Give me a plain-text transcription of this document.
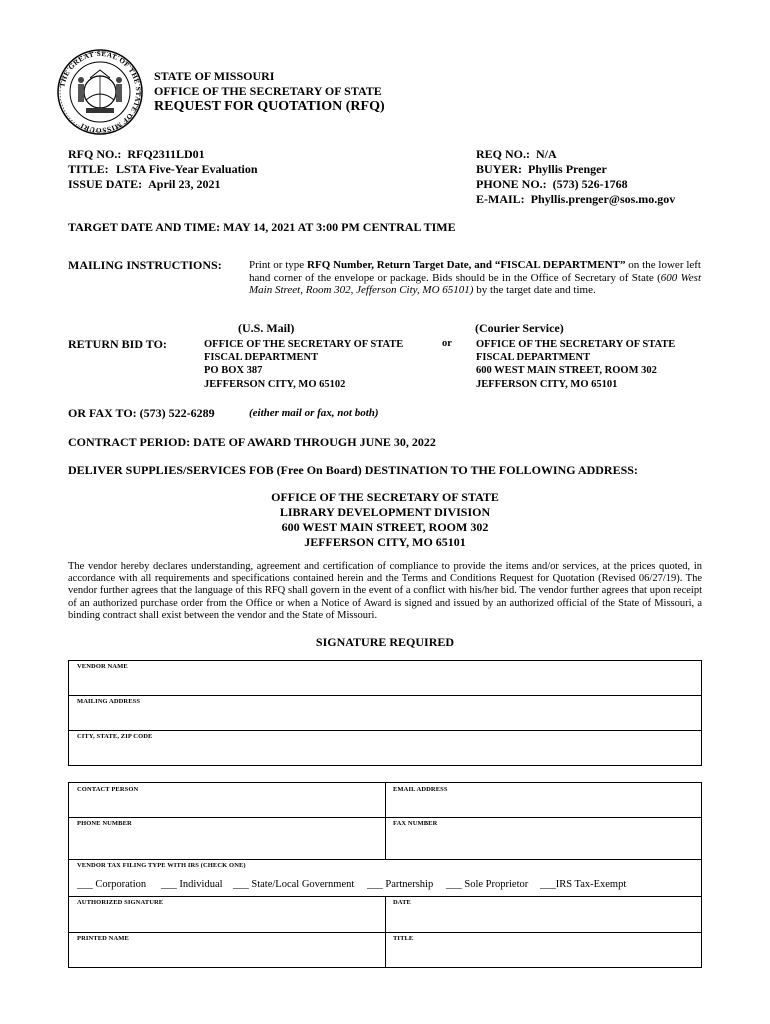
THE GREAT SEAL OF THE STATE OF MISSOURI
STATE OF MISSOURI
OFFICE OF THE SECRETARY OF STATE
REQUEST FOR QUOTATION (RFQ)
RFQ NO.: RFQ2311LD01
TITLE: LSTA Five-Year Evaluation
ISSUE DATE: April 23, 2021
REQ NO.: N/A
BUYER: Phyllis Prenger
PHONE NO.: (573) 526-1768
E-MAIL: Phyllis.prenger@sos.mo.gov
TARGET DATE AND TIME: MAY 14, 2021 AT 3:00 PM CENTRAL TIME
MAILING INSTRUCTIONS: Print or type RFQ Number, Return Target Date, and “FISCAL DEPARTMENT” on the lower left hand corner of the envelope or package. Bids should be in the Office of Secretary of State (600 West Main Street, Room 302, Jefferson City, MO 65101) by the target date and time.
(U.S. Mail)	(Courier Service)
RETURN BID TO:	OFFICE OF THE SECRETARY OF STATE
FISCAL DEPARTMENT
PO BOX 387
JEFFERSON CITY, MO 65102
or OFFICE OF THE SECRETARY OF STATE
FISCAL DEPARTMENT
600 WEST MAIN STREET, ROOM 302
JEFFERSON CITY, MO 65101
OR FAX TO: (573) 522-6289	(either mail or fax, not both)
CONTRACT PERIOD: DATE OF AWARD THROUGH JUNE 30, 2022
DELIVER SUPPLIES/SERVICES FOB (Free On Board) DESTINATION TO THE FOLLOWING ADDRESS:
OFFICE OF THE SECRETARY OF STATE
LIBRARY DEVELOPMENT DIVISION
600 WEST MAIN STREET, ROOM 302
JEFFERSON CITY, MO 65101
The vendor hereby declares understanding, agreement and certification of compliance to provide the items and/or services, at the prices quoted, in accordance with all requirements and specifications contained herein and the Terms and Conditions Request for Quotation (Revised 06/27/19). The vendor further agrees that the language of this RFQ shall govern in the event of a conflict with his/her bid. The vendor further agrees that upon receipt of an authorized purchase order from the Office or when a Notice of Award is signed and issued by an authorized official of the State of Missouri, a binding contract shall exist between the vendor and the State of Missouri.
SIGNATURE REQUIRED
VENDOR NAME
MAILING ADDRESS
CITY, STATE, ZIP CODE
CONTACT PERSON	EMAIL ADDRESS
PHONE NUMBER	FAX NUMBER
VENDOR TAX FILING TYPE WITH IRS (CHECK ONE)
___ Corporation ___ Individual ___ State/Local Government ___ Partnership ___ Sole Proprietor ___IRS Tax-Exempt
AUTHORIZED SIGNATURE	DATE
PRINTED NAME	TITLE
